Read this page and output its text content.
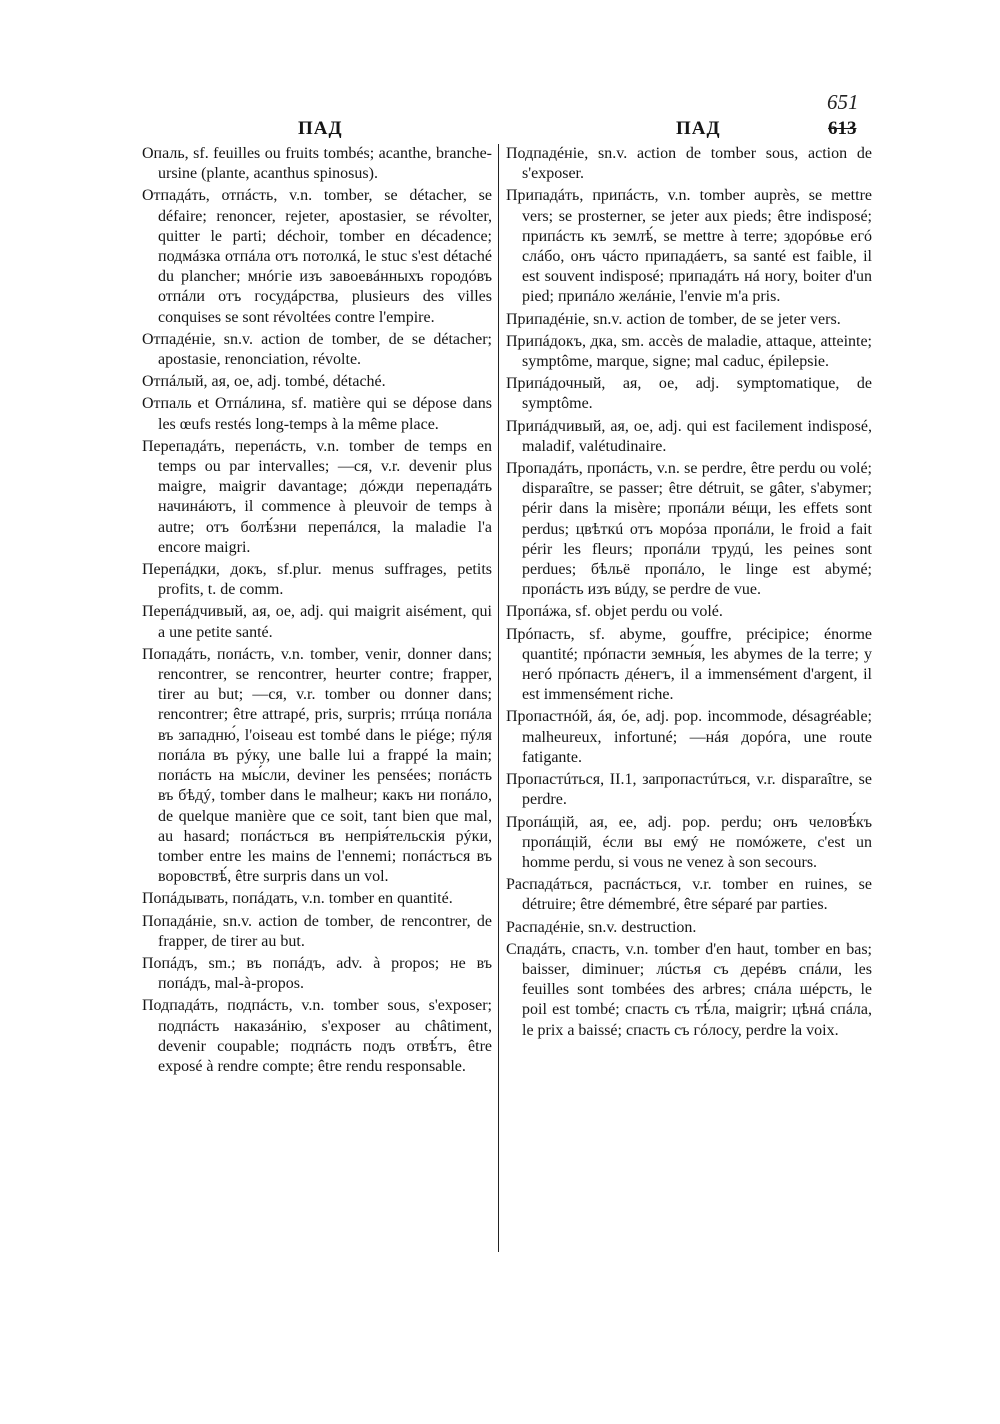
ПАД	ПАД
651
613

Опаль, sf. feuilles ou fruits tombés; acanthe, branche-ursine (plante, acanthus spinosus).

Отпадáть, отпáсть, v.n. tomber, se détacher, se défaire; renoncer, rejeter, apostasier, se révolter, quitter le parti; déchoir, tomber en décadence; подмáзка отпáла отъ потолкá, le stuc s'est détaché du plancher; мнóгіе изъ завоевáнныхъ городóвъ отпáли отъ госудáрства, plusieurs des villes conquises se sont révoltées contre l'empire.

Отпадéніе, sn.v. action de tomber, de se détacher; apostasie, renonciation, révolte.

Отпáлый, ая, ое, adj. tombé, détaché.

Отпаль et Отпáлина, sf. matière qui se dépose dans les œufs restés long-temps à la même place.

Перепадáть, перепáсть, v.n. tomber de temps en temps ou par intervalles; —ся, v.r. devenir plus maigre, maigrir davantage; дóжди перепадáть начинáютъ, il commence à pleuvoir de temps à autre; отъ болѣ́зни перепáлся, la maladie l'a encore maigri.

Перепáдки, докъ, sf.plur. menus suffrages, petits profits, t. de comm.

Перепáдчивый, ая, ое, adj. qui maigrit aisément, qui a une petite santé.

Попадáть, попáсть, v.n. tomber, venir, donner dans; rencontrer, se rencontrer, heurter contre; frapper, tirer au but; —ся, v.r. tomber ou donner dans; rencontrer; être attrapé, pris, surpris; птúца попáла въ западню́, l'oiseau est tombé dans le piége; пýля попáла въ рýку, une balle lui a frappé la main; попáсть на мы́сли, deviner les pensées; попáсть въ бѣдý, tomber dans le malheur; какъ ни попáло, de quelque manière que ce soit, tant bien que mal, au hasard; попáсться въ непрія́тельскія рýки, tomber entre les mains de l'ennemi; попáсться въ воровствѣ́, être surpris dans un vol.

Попáдывать, попáдать, v.n. tomber en quantité.

Попадáніе, sn.v. action de tomber, de rencontrer, de frapper, de tirer au but.

Попáдъ, sm.; въ попáдъ, adv. à propos; не въ попáдъ, mal-à-propos.

Подпадáть, подпáсть, v.n. tomber sous, s'exposer; подпáсть наказáнію, s'exposer au châtiment, devenir coupable; подпáсть подъ отвѣ́тъ, être exposé à rendre compte; être rendu responsable.

Подпадéніе, sn.v. action de tomber sous, action de s'exposer.

Припадáть, припáсть, v.n. tomber auprès, se mettre vers; se prosterner, se jeter aux pieds; être indisposé; припáсть къ землѣ́, se mettre à terre; здорóвье егó слáбо, онъ чáсто припадáетъ, sa santé est faible, il est souvent indisposé; припадáть нá ногу, boiter d'un pied; припáло желáніе, l'envie m'a pris.

Припадéніе, sn.v. action de tomber, de se jeter vers.

Припáдокъ, дка, sm. accès de maladie, attaque, atteinte; symptôme, marque, signe; mal caduc, épilepsie.

Припáдочный, ая, ое, adj. symptomatique, de symptôme.

Припáдчивый, ая, ое, adj. qui est facilement indisposé, maladif, valétudinaire.

Пропадáть, пропáсть, v.n. se perdre, être perdu ou volé; disparaître, se passer; être détruit, se gâter, s'abymer; périr dans la misère; пропáли вéщи, les effets sont perdus; цвѣткú отъ морóза пропáли, le froid a fait périr les fleurs; пропáли трудú, les peines sont perdues; бѣльё пропáло, le linge est abymé; пропáсть изъ вúду, se perdre de vue.

Пропáжа, sf. objet perdu ou volé.

Прóпасть, sf. abyme, gouffre, précipice; énorme quantité; прóпасти земны́я, les abymes de la terre; у негó прóпасть дéнегъ, il a immensément d'argent, il est immensément riche.

Пропастнóй, áя, óе, adj. pop. incommode, désagréable; malheureux, infortuné; —нáя дорóга, une route fatigante.

Пропастúться, II.1, запропастúться, v.r. disparaître, se perdre.

Пропáщій, ая, ее, adj. pop. perdu; онъ человѣ́къ пропáщій, éсли вы емý не помóжете, c'est un homme perdu, si vous ne venez à son secours.

Распадáться, распáсться, v.r. tomber en ruines, se détruire; être démembré, être séparé par parties.

Распадéніе, sn.v. destruction.

Спадáть, спасть, v.n. tomber d'en haut, tomber en bas; baisser, diminuer; лúстья съ дерéвъ спáли, les feuilles sont tombées des arbres; спáла шéрсть, le poil est tombé; спасть съ тѣ́ла, maigrir; цѣнá спáла, le prix a baissé; спасть съ гóлосу, perdre la voix.
